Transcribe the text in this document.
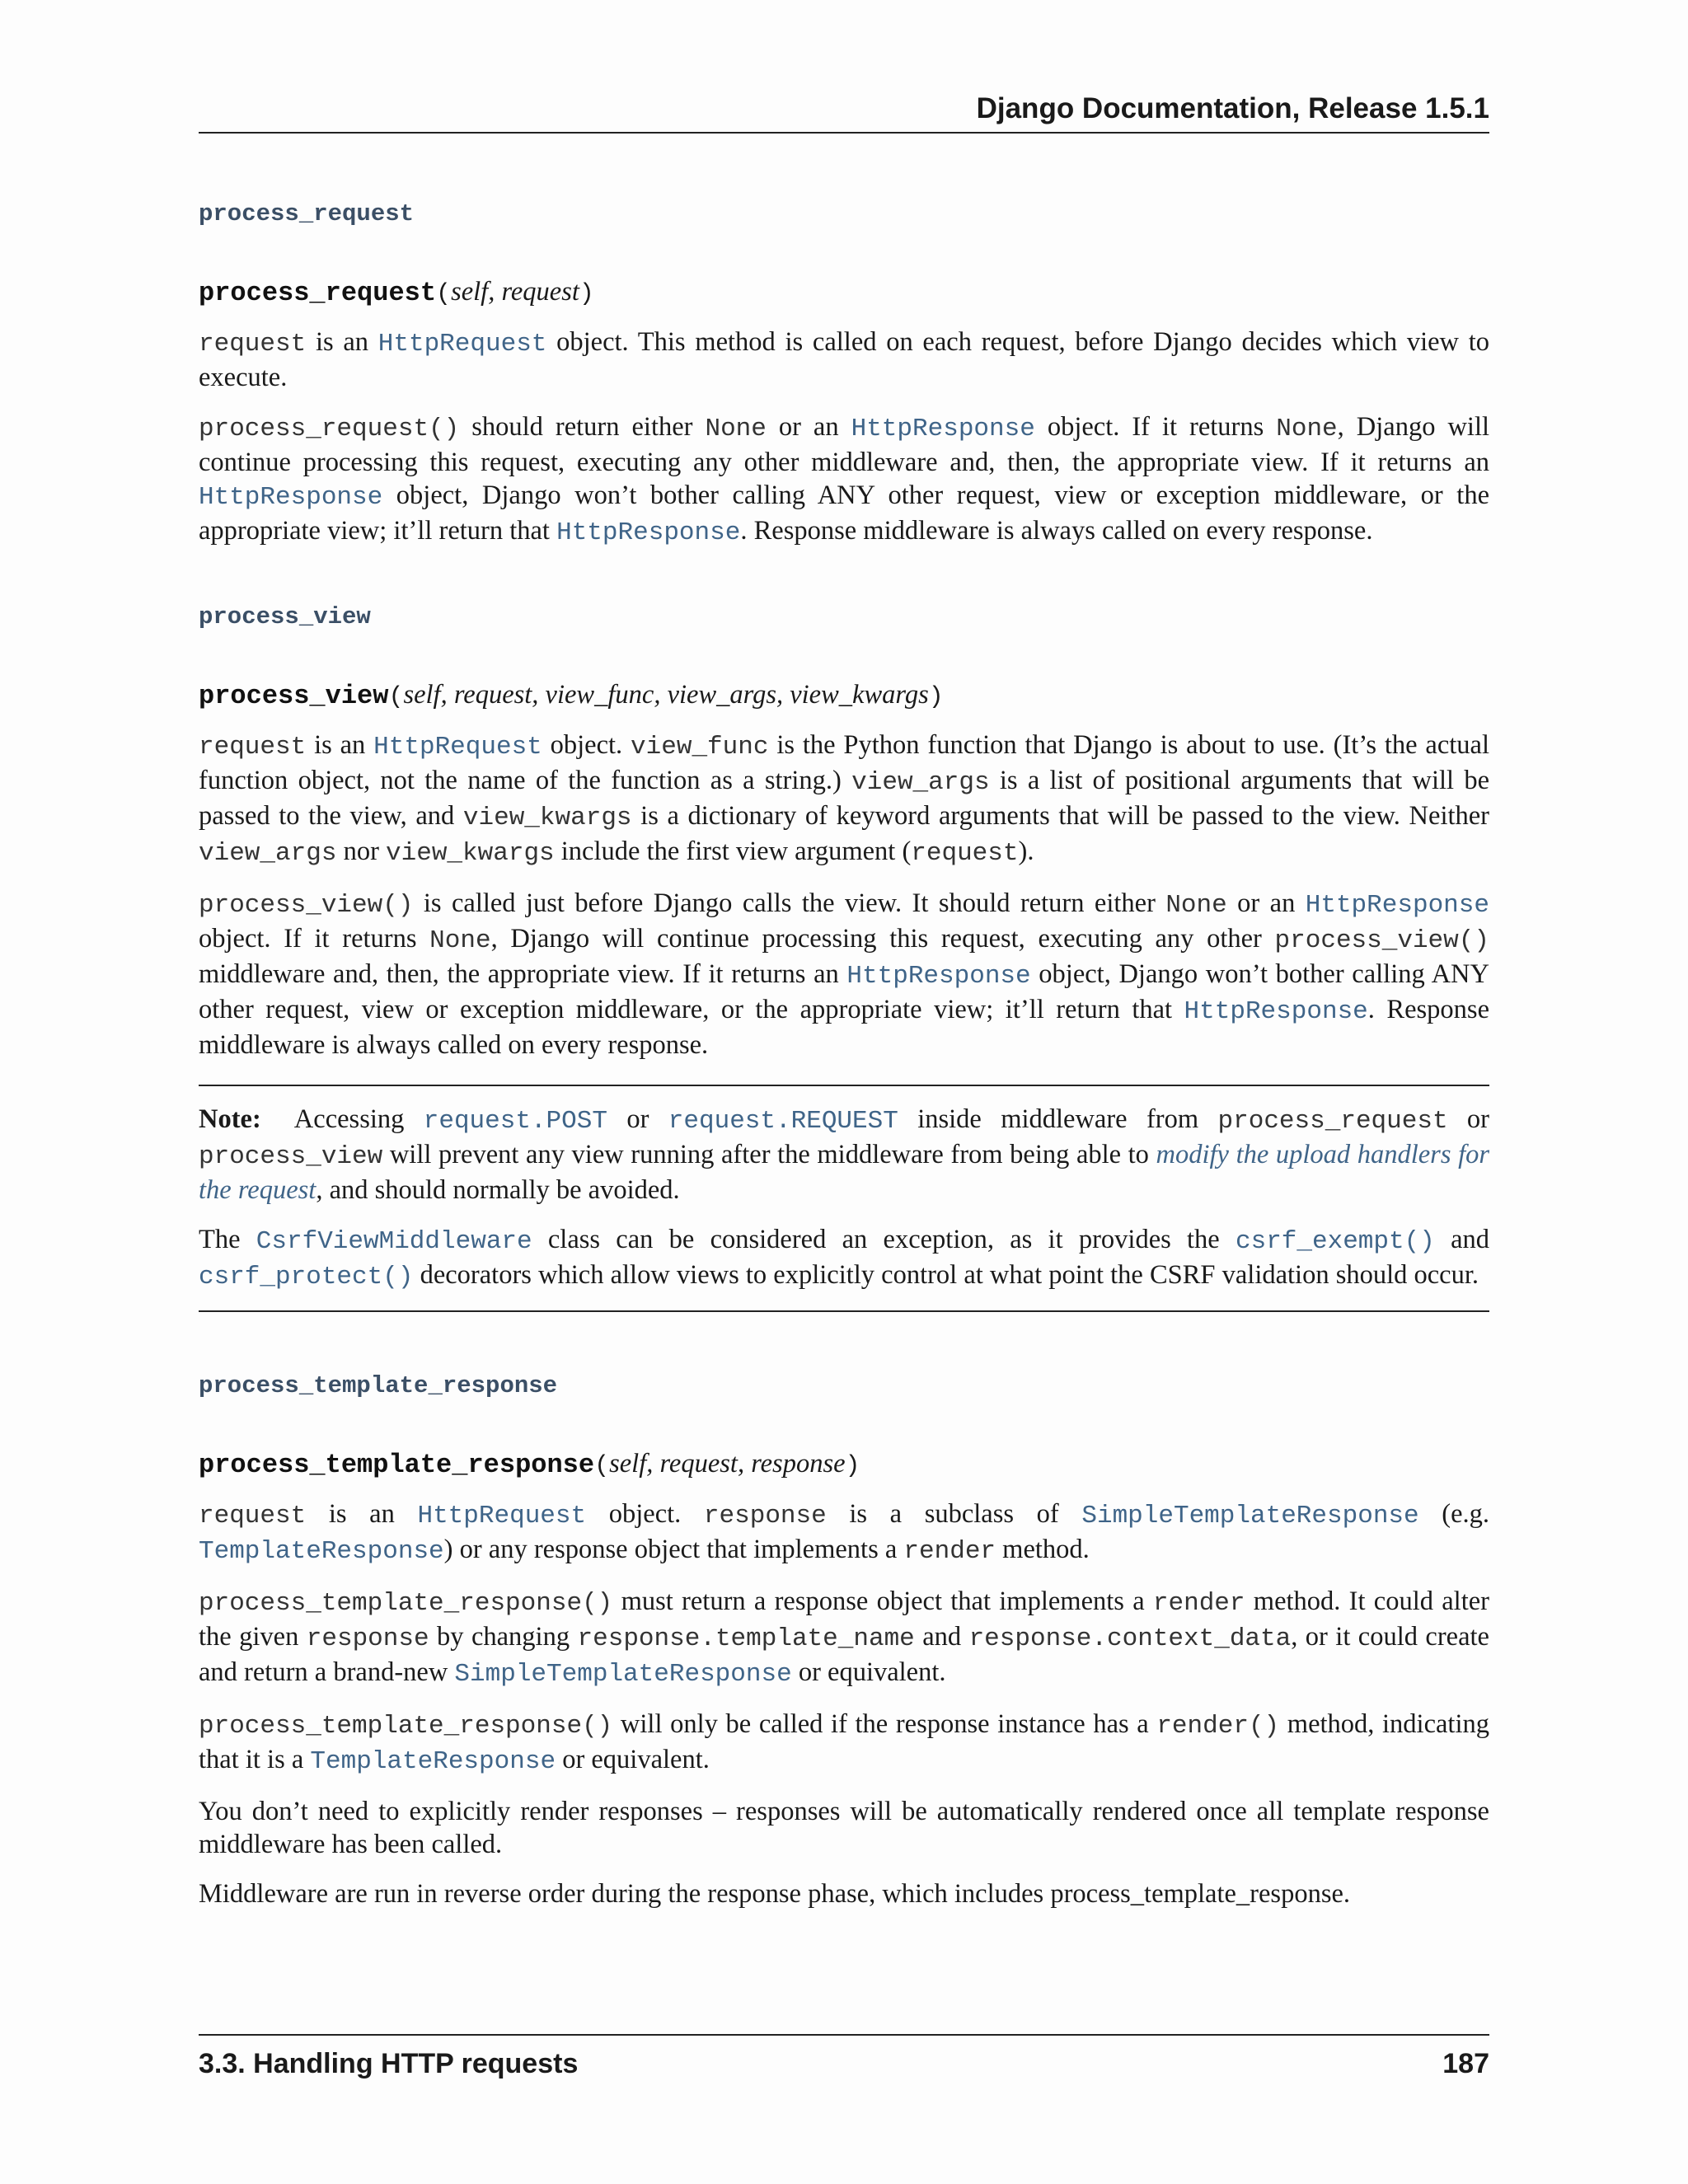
Django Documentation, Release 1.5.1
process_request
process_request(self, request)

request is an HttpRequest object. This method is called on each request, before Django decides which view to execute.

process_request() should return either None or an HttpResponse object. If it returns None, Django will continue processing this request, executing any other middleware and, then, the appropriate view. If it returns an HttpResponse object, Django won’t bother calling ANY other request, view or exception middleware, or the appropriate view; it’ll return that HttpResponse. Response middleware is always called on every response.

process_view
process_view(self, request, view_func, view_args, view_kwargs)

request is an HttpRequest object. view_func is the Python function that Django is about to use. (It’s the actual function object, not the name of the function as a string.) view_args is a list of positional arguments that will be passed to the view, and view_kwargs is a dictionary of keyword arguments that will be passed to the view. Neither view_args nor view_kwargs include the first view argument (request).

process_view() is called just before Django calls the view. It should return either None or an HttpResponse object. If it returns None, Django will continue processing this request, executing any other process_view() middleware and, then, the appropriate view. If it returns an HttpResponse object, Django won’t bother calling ANY other request, view or exception middleware, or the appropriate view; it’ll return that HttpResponse. Response middleware is always called on every response.

Note: Accessing request.POST or request.REQUEST inside middleware from process_request or process_view will prevent any view running after the middleware from being able to modify the upload handlers for the request, and should normally be avoided.

The CsrfViewMiddleware class can be considered an exception, as it provides the csrf_exempt() and csrf_protect() decorators which allow views to explicitly control at what point the CSRF validation should occur.

process_template_response
process_template_response(self, request, response)

request is an HttpRequest object. response is a subclass of SimpleTemplateResponse (e.g. TemplateResponse) or any response object that implements a render method.

process_template_response() must return a response object that implements a render method. It could alter the given response by changing response.template_name and response.context_data, or it could create and return a brand-new SimpleTemplateResponse or equivalent.

process_template_response() will only be called if the response instance has a render() method, indicating that it is a TemplateResponse or equivalent.

You don’t need to explicitly render responses – responses will be automatically rendered once all template response middleware has been called.

Middleware are run in reverse order during the response phase, which includes process_template_response.

3.3. Handling HTTP requests	187
